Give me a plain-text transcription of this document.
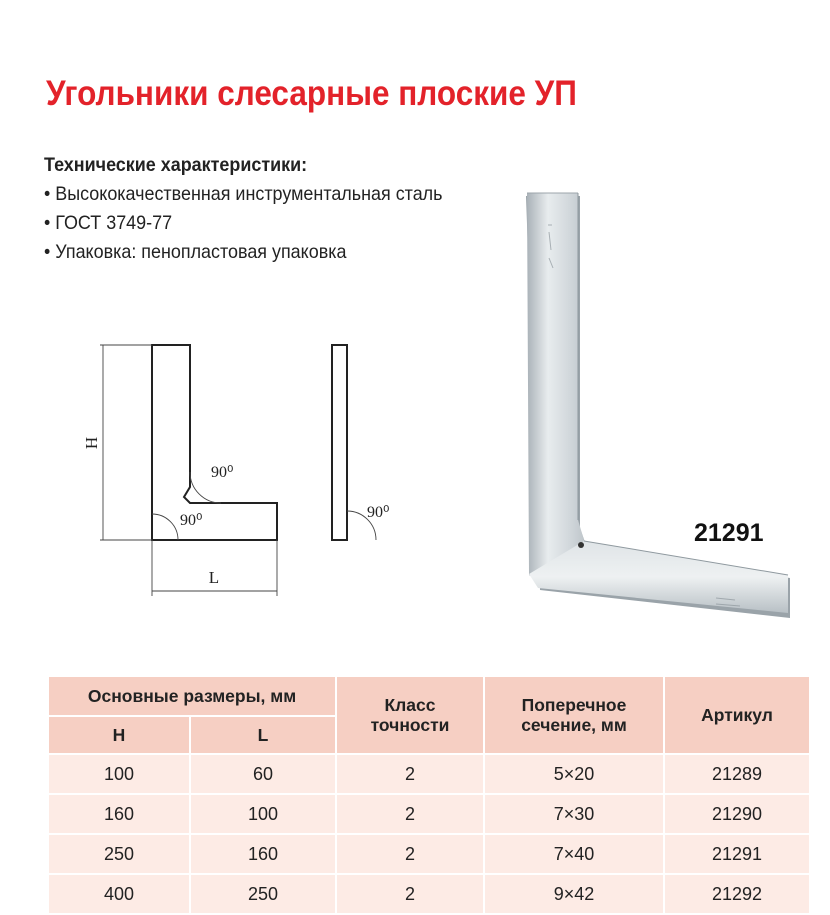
Угольники слесарные плоские УП
Технические характеристики:
• Высококачественная инструментальная сталь
• ГОСТ 3749-77
• Упаковка: пенопластовая упаковка
H
L
90⁰
90⁰	90⁰
21291
Основные размеры, мм		Класс точности	Поперечное сечение, мм	Артикул
H	L			
100	60	2	5×20	21289
160	100	2	7×30	21290
250	160	2	7×40	21291
400	250	2	9×42	21292
